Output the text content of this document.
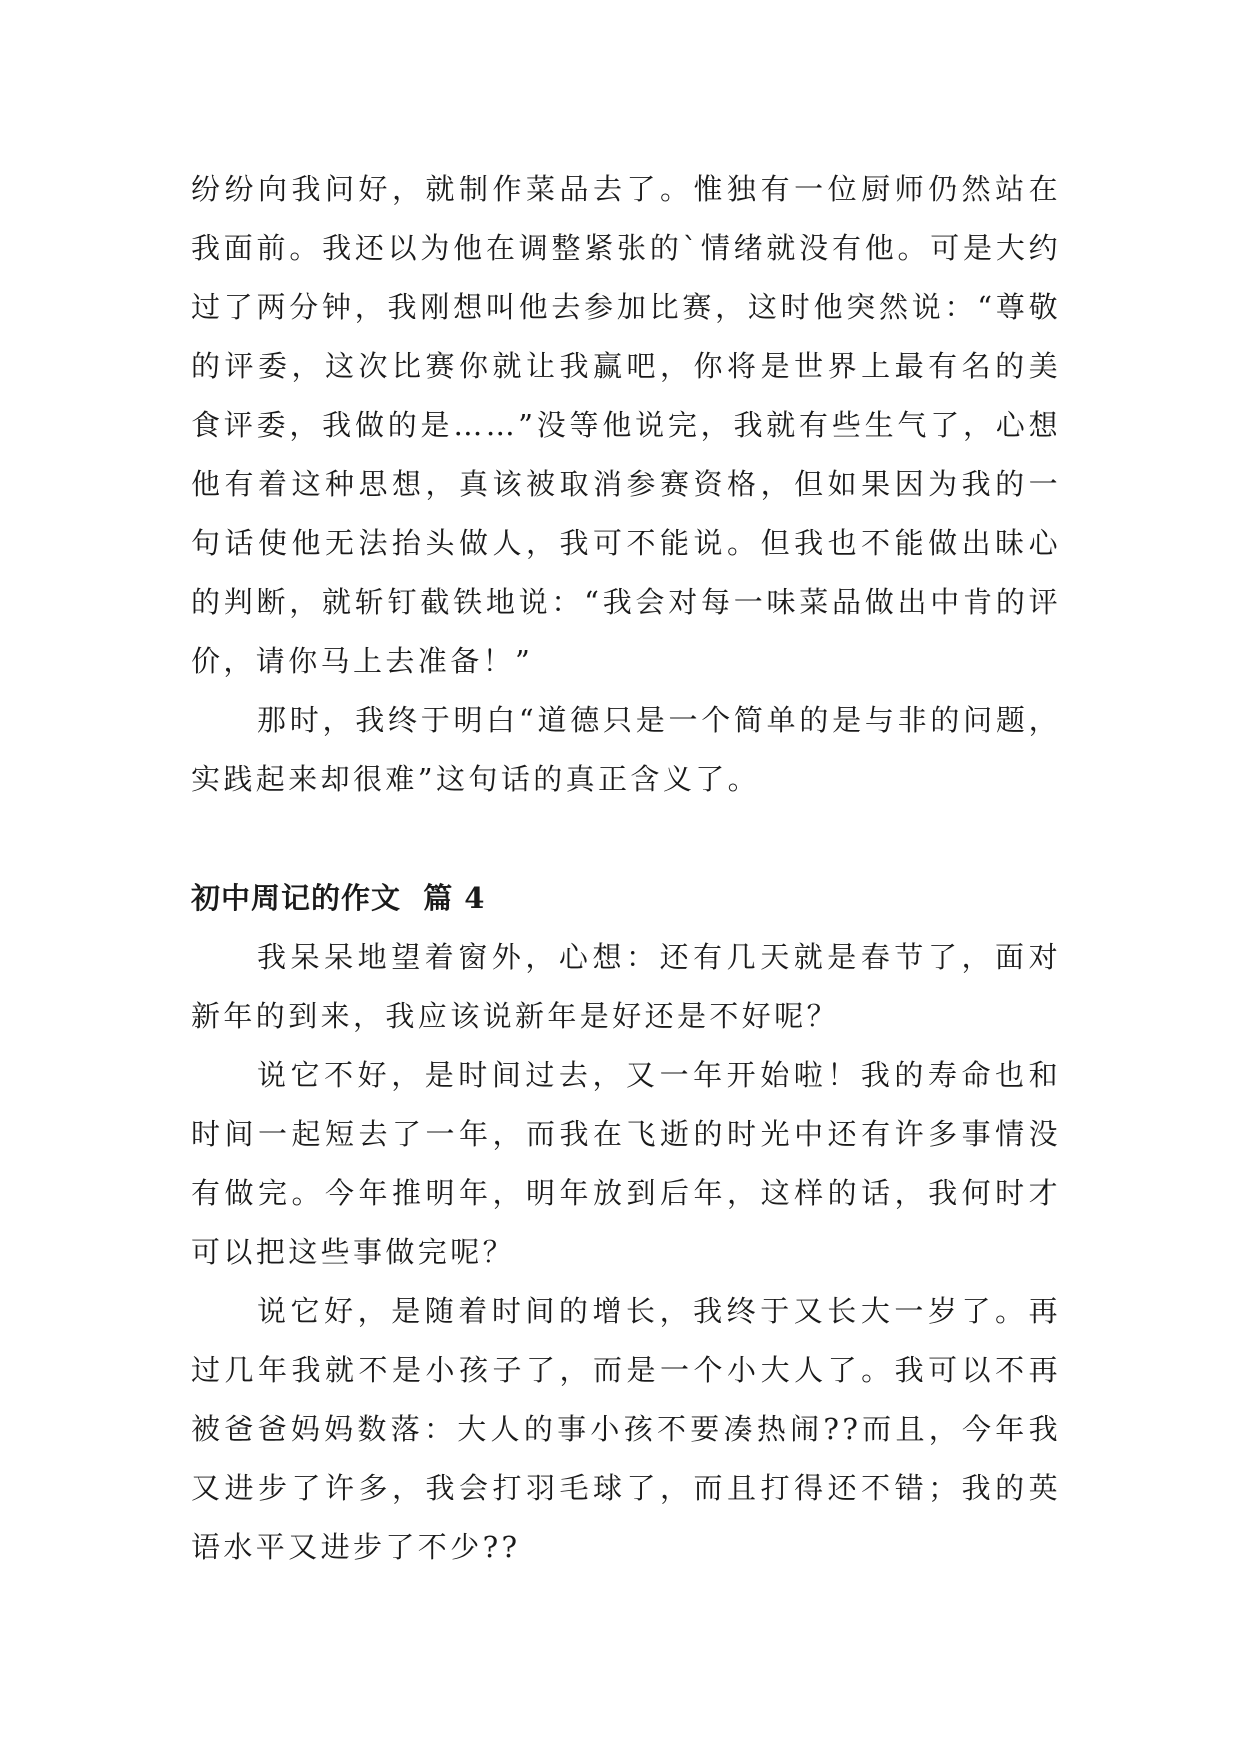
纷纷向我问好，就制作菜品去了。惟独有一位厨师仍然站在我面前。我还以为他在调整紧张的`情绪就没有他。可是大约过了两分钟，我刚想叫他去参加比赛，这时他突然说：“尊敬的评委，这次比赛你就让我赢吧，你将是世界上最有名的美食评委，我做的是……”没等他说完，我就有些生气了，心想他有着这种思想，真该被取消参赛资格，但如果因为我的一句话使他无法抬头做人，我可不能说。但我也不能做出昧心的判断，就斩钉截铁地说：“我会对每一味菜品做出中肯的评价，请你马上去准备！”

那时，我终于明白“道德只是一个简单的是与非的问题，实践起来却很难”这句话的真正含义了。

初中周记的作文  篇 4

我呆呆地望着窗外，心想：还有几天就是春节了，面对新年的到来，我应该说新年是好还是不好呢？

说它不好，是时间过去，又一年开始啦！我的寿命也和时间一起短去了一年，而我在飞逝的时光中还有许多事情没有做完。今年推明年，明年放到后年，这样的话，我何时才可以把这些事做完呢？

说它好，是随着时间的增长，我终于又长大一岁了。再过几年我就不是小孩子了，而是一个小大人了。我可以不再被爸爸妈妈数落：大人的事小孩不要凑热闹??而且，今年我又进步了许多，我会打羽毛球了，而且打得还不错；我的英语水平又进步了不少??
